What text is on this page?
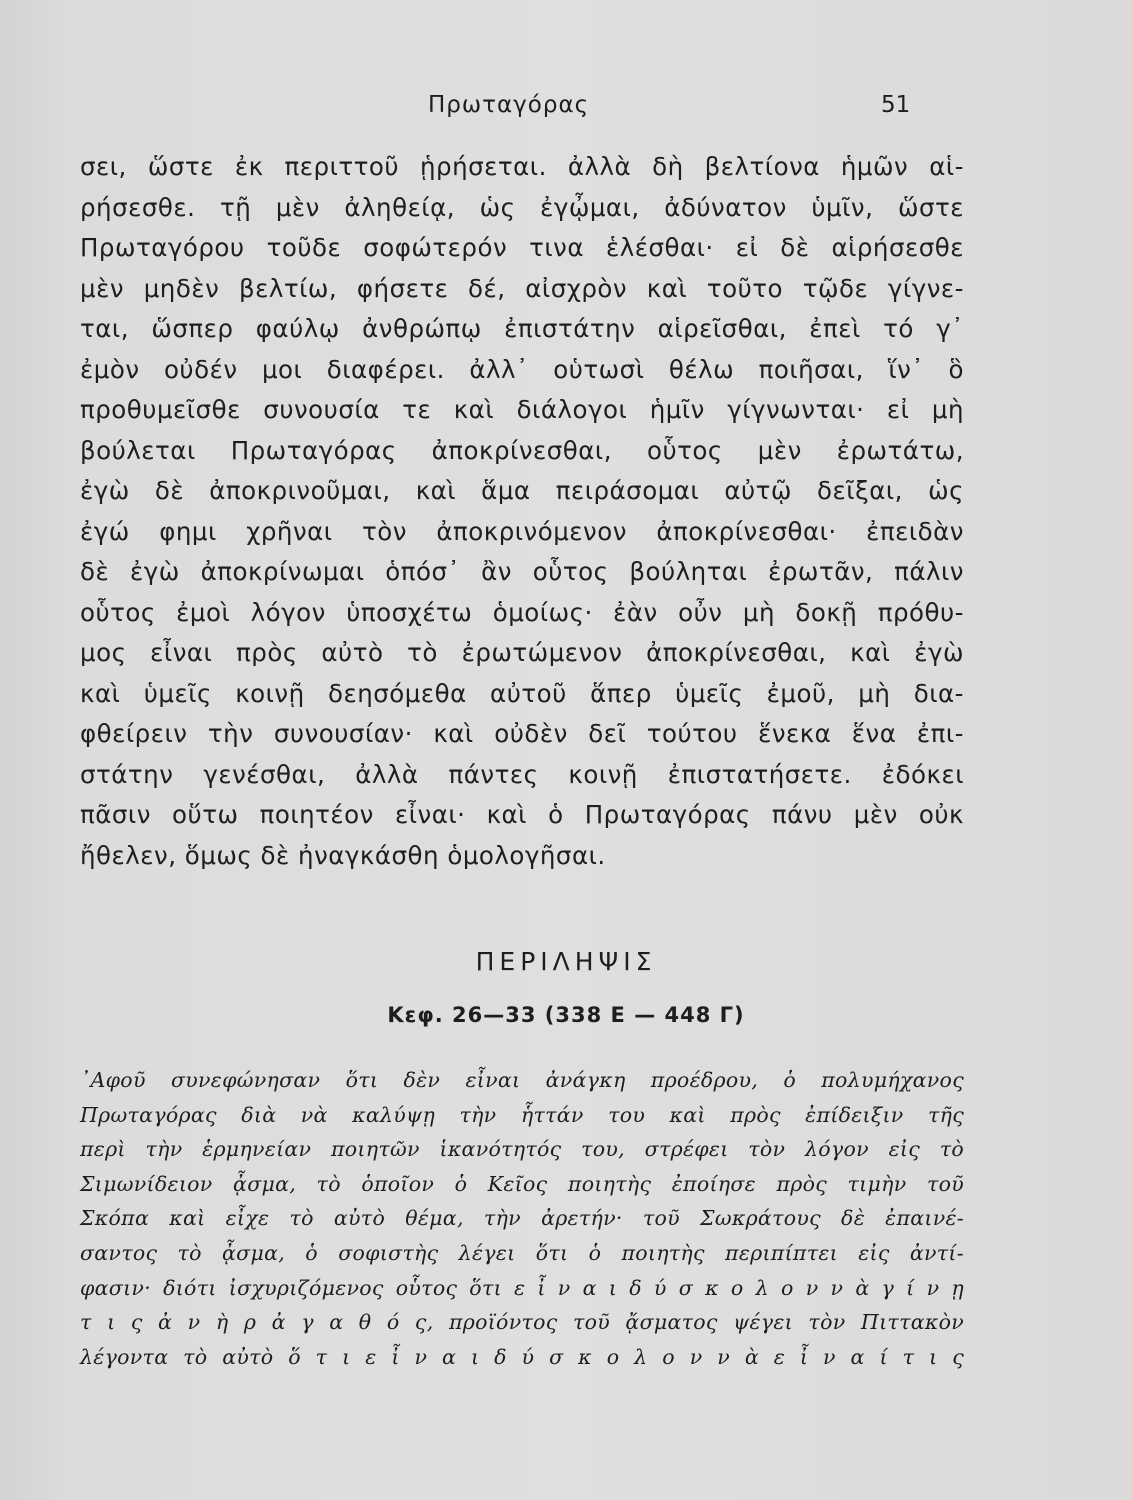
Πρωταγόρας	51
σει, ὥστε ἐκ περιττοῦ ᾑρήσεται. ἀλλὰ δὴ βελτίονα ἡμῶν αἱ-
ρήσεσθε. τῇ μὲν ἀληθείᾳ, ὡς ἐγᾦμαι, ἀδύνατον ὑμῖν, ὥστε
Πρωταγόρου τοῦδε σοφώτερόν τινα ἑλέσθαι· εἰ δὲ αἱρήσεσθε
μὲν μηδὲν βελτίω, φήσετε δέ, αἰσχρὸν καὶ τοῦτο τῷδε γίγνε-
ται, ὥσπερ φαύλῳ ἀνθρώπῳ ἐπιστάτην αἱρεῖσθαι, ἐπεὶ τό γ᾽
ἐμὸν οὐδέν μοι διαφέρει. ἀλλ᾽ οὑτωσὶ θέλω ποιῆσαι, ἵν᾽ ὃ
προθυμεῖσθε συνουσία τε καὶ διάλογοι ἡμῖν γίγνωνται· εἰ μὴ
βούλεται Πρωταγόρας ἀποκρίνεσθαι, οὗτος μὲν ἐρωτάτω,
ἐγὼ δὲ ἀποκρινοῦμαι, καὶ ἅμα πειράσομαι αὐτῷ δεῖξαι, ὡς
ἐγώ φημι χρῆναι τὸν ἀποκρινόμενον ἀποκρίνεσθαι· ἐπειδὰν
δὲ ἐγὼ ἀποκρίνωμαι ὁπόσ᾽ ἂν οὗτος βούληται ἐρωτᾶν, πάλιν
οὗτος ἐμοὶ λόγον ὑποσχέτω ὁμοίως· ἐὰν οὖν μὴ δοκῇ πρόθυ-
μος εἶναι πρὸς αὐτὸ τὸ ἐρωτώμενον ἀποκρίνεσθαι, καὶ ἐγὼ
καὶ ὑμεῖς κοινῇ δεησόμεθα αὐτοῦ ἅπερ ὑμεῖς ἐμοῦ, μὴ δια-
φθείρειν τὴν συνουσίαν· καὶ οὐδὲν δεῖ τούτου ἕνεκα ἕνα ἐπι-
στάτην γενέσθαι, ἀλλὰ πάντες κοινῇ ἐπιστατήσετε. ἐδόκει
πᾶσιν οὕτω ποιητέον εἶναι· καὶ ὁ Πρωταγόρας πάνυ μὲν οὐκ
ἤθελεν, ὅμως δὲ ἠναγκάσθη ὁμολογῆσαι.
ΠΕΡΙΛΗΨΙΣ
Κεφ. 26—33 (338 Ε — 448 Γ)
᾿Αφοῦ συνεφώνησαν ὅτι δὲν εἶναι ἀνάγκη προέδρου, ὁ πολυμήχανος
Πρωταγόρας διὰ νὰ καλύψῃ τὴν ἧττάν του καὶ πρὸς ἐπίδειξιν τῆς
περὶ τὴν ἑρμηνείαν ποιητῶν ἱκανότητός του, στρέφει τὸν λόγον εἰς τὸ
Σιμωνίδειον ᾆσμα, τὸ ὁποῖον ὁ Κεῖος ποιητὴς ἐποίησε πρὸς τιμὴν τοῦ
Σκόπα καὶ εἶχε τὸ αὐτὸ θέμα, τὴν ἀρετήν· τοῦ Σωκράτους δὲ ἐπαινέ-
σαντος τὸ ᾆσμα, ὁ σοφιστὴς λέγει ὅτι ὁ ποιητὴς περιπίπτει εἰς ἀντί-
φασιν· διότι ἰσχυριζόμενος οὗτος ὅτι ε ἶ ν α ι δ ύ σ κ ο λ ο ν ν ὰ γ ί ν ῃ
τ ι ς ἀ ν ὴ ρ ἀ γ α θ ό ς, προϊόντος τοῦ ᾄσματος ψέγει τὸν Πιττακὸν
λέγοντα τὸ αὐτὸ ὅ τ ι ε ἶ ν α ι δ ύ σ κ ο λ ο ν ν ὰ ε ἶ ν α ί τ ι ς
